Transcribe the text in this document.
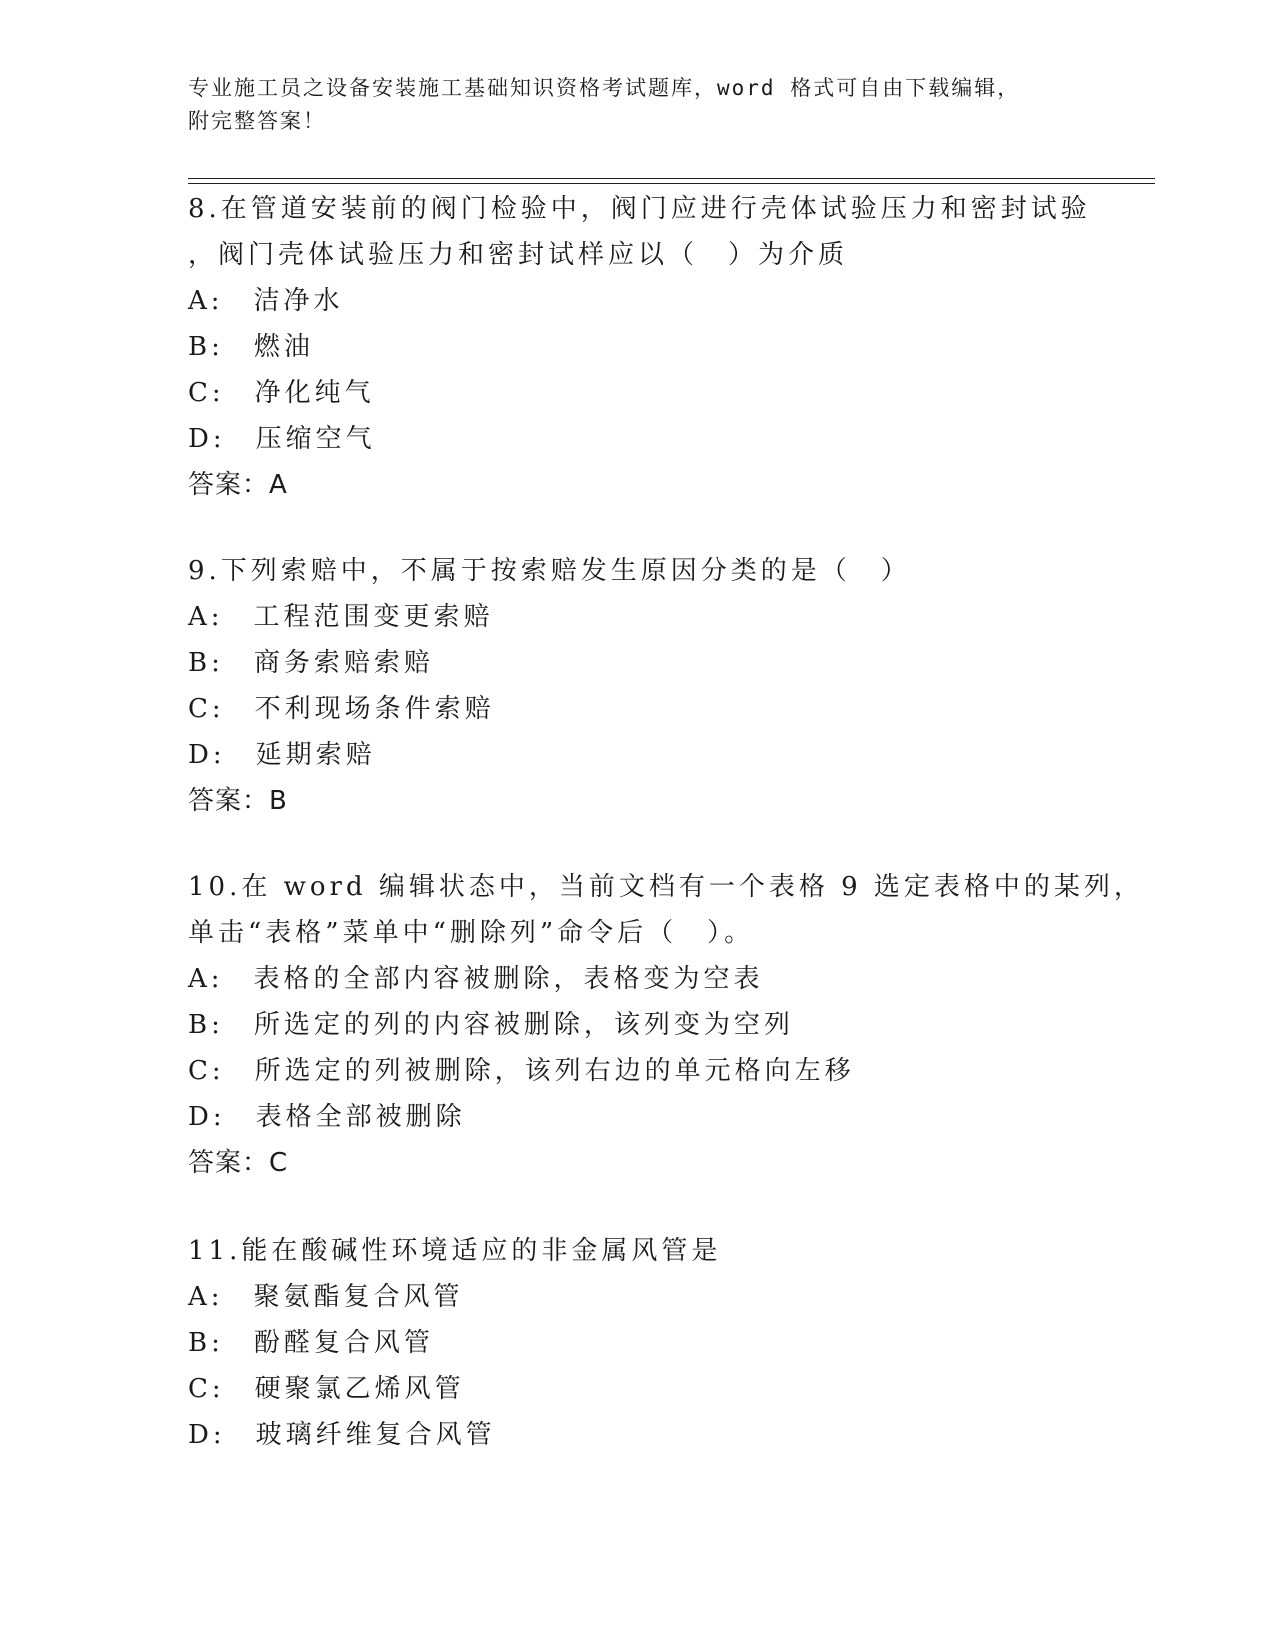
专业施工员之设备安装施工基础知识资格考试题库，word 格式可自由下载编辑，
附完整答案！
8.在管道安装前的阀门检验中，阀门应进行壳体试验压力和密封试验
，阀门壳体试验压力和密封试样应以（　）为介质
A:　洁净水
B:　燃油
C:　净化纯气
D:　压缩空气
答案：A
9.下列索赔中，不属于按索赔发生原因分类的是（　）
A:　工程范围变更索赔
B:　商务索赔索赔
C:　不利现场条件索赔
D:　延期索赔
答案：B
10.在 word 编辑状态中，当前文档有一个表格 9 选定表格中的某列，
单击“表格”菜单中“删除列”命令后（　）。
A:　表格的全部内容被删除，表格变为空表
B:　所选定的列的内容被删除，该列变为空列
C:　所选定的列被删除，该列右边的单元格向左移
D:　表格全部被删除
答案：C
11.能在酸碱性环境适应的非金属风管是
A:　聚氨酯复合风管
B:　酚醛复合风管
C:　硬聚氯乙烯风管
D:　玻璃纤维复合风管
